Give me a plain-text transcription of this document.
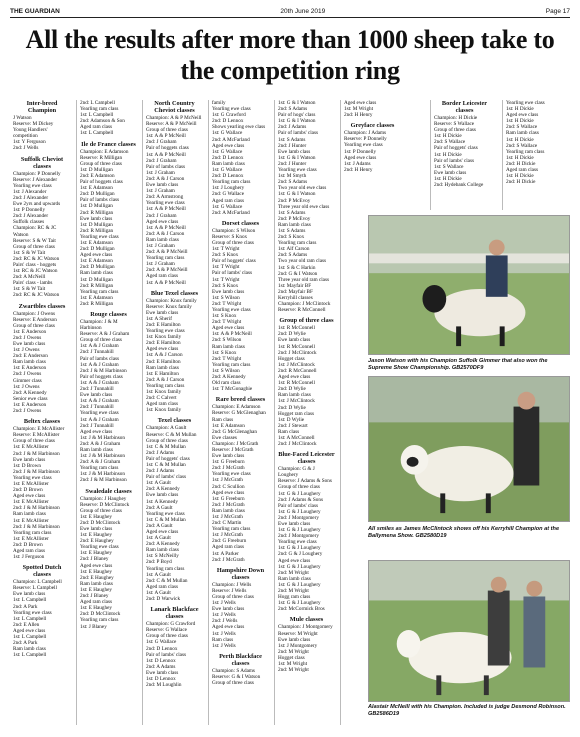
THE GUARDIAN	20th June 2019	Page 17
All the results after more than 1000 sheep take to the competition ring
Inter-breed Champion

J Watson

Reserve: M Dickey

Young Handlers' competition

1st: Y Ferguson

2nd: J Wells

Suffolk Cheviot classes

Champion: P Donnelly

Reserve: J Alexander

Yearling ewe class

1st: J Alexander

2nd: J Alexander

Ewe 2yrs and upwards

1st: P Donnelly

2nd: J Alexander

Suffolk classes

Champion: RC & JC Watson

Reserve: S & W Tait

Group of three class

1st: S & W Tait

2nd: RC & JC Watson

Pairs' class - hoggets

1st: RC & JC Watson

2nd: A McNeill

Pairs' class - lambs

1st: S & W Tait

2nd: RC & JC Watson

Zwartbles classes

Champion: J Owens

Reserve: E Anderson

Group of three class

1st: E Anderson

2nd: J Owens

Ewe lamb class

1st: J Owens

2nd: E Anderson

Ram lamb class

1st: E Anderson

2nd: J Owens

Gimmer class

1st: J Owens

2nd: A Kennedy

Senior ewe class

1st: E Anderson

2nd: J Owens

Beltex classes

Champion: E McAllister

Reserve: E McAllister

Group of three class

1st: E McAllister

2nd: J & M Harbinson

Ewe lamb class

1st: D Brown

2nd: J & M Harbinson

Yearling ewe class

1st: E McAllister

2nd: D Brown

Aged ewe class

1st: E McAllister

2nd: J & M Harbinson

Ram lamb class

1st: E McAllister

2nd: J & M Harbinson

Yearling ram class

1st: E McAllister

2nd: D Brown

Aged ram class

1st: J Ferguson

Spotted Dutch classes

Champion: L Campbell

Reserve: L Campbell

Ewe lamb class

1st: L Campbell

2nd: A Park

Yearling ewe class

1st: L Campbell

2nd: E Allen

Aged ewe class

1st: L Campbell

2nd: A Park

Ram lamb class

1st: L Campbell

2nd: L Campbell

Yearling ram class

1st: L Campbell

2nd: Adamson & Son

Aged ram class

1st: L Campbell

Ile de France classes

Champion: E Adamson

Reserve: R Milligan

Group of three class

1st: D Mulligan

2nd: E Adamson

Pair of hoggets class

1st: E Adamson

2nd: D Mulligan

Pair of lambs class

1st: D Mulligan

2nd: R Milligan

Ewe lamb class

1st: D Mulligan

2nd: R Milligan

Yearling ewe class

1st: E Adamson

2nd: D Mulligan

Aged ewe class

1st: E Adamson

2nd: D Mulligan

Ram lamb class

1st: D Mulligan

2nd: R Milligan

Yearling ram class

1st: E Adamson

2nd: R Milligan

Rouge classes

Champion: J & M Harbinson

Reserve: A & J Graham

Group of three class

1st: A & J Graham

2nd: J Tunnahill

Pair of lambs class

1st: A & J Graham

2nd: J & M Harbinson

Pair of hoggets class

1st: A & J Graham

2nd: J Tunnahill

Ewe lamb class

1st: A & J Graham

2nd: J Tunnahill

Yearling ewe class

1st: A & J Graham

2nd: J Tunnahill

Aged ewe class

1st: J & M Harbinson

2nd: A & J Graham

Ram lamb class

1st: J & M Harbinson

2nd: A & J Graham

Yearling ram class

1st: J & M Harbinson

2nd: J & M Harbinson

Swaledale classes

Champion: J Haughey

Reserve: D McClintock

Group of three class

1st: E Haughey

2nd: D McClintock

Ewe lamb class

1st: E Haughey

2nd: E Haughey

Yearling ewe class

1st: E Haughey

2nd: J Blaney

Aged ewe class

1st: E Haughey

2nd: E Haughey

Ram lamb class

1st: E Haughey

2nd: J Blaney

Aged ram class

1st: E Haughey

2nd: D McClintock

Yearling ram class

1st: J Blaney

North Country Cheviot classes

Champion: A & P McNeill

Reserve: A & P McNeill

Group of three class

1st: A & P McNeill

2nd: J Graham

Pair of hoggets class

1st: A & P McNeill

2nd: J Graham

Pair of lambs class

1st: J Graham

2nd: A & J Carson

Ewe lamb class

1st: J Graham

2nd: A Armstrong

Yearling ewe class

1st: A & P McNeill

2nd: J Graham

Aged ewe class

1st: A & P McNeill

2nd: A & J Carson

Ram lamb class

1st: J Graham

2nd: A & P McNeill

Yearling ram class

1st: J Graham

2nd: A & P McNeill

Aged ram class

1st: A & P McNeill

Blue Texel classes

Champion: Knox family

Reserve: Knox family

Ewe lamb class

1st: A Sherif

2nd: E Hamilton

Yearling ewe class

1st: Knox family

2nd: E Hamilton

Aged ewe class

1st: A & J Carson

2nd: E Hamilton

Ram lamb class

1st: E Hamilton

2nd: A & J Carson

Yearling ram class

1st: Knox family

2nd: C Calvert

Aged ram class

1st: Knox family

Texel classes

Champion: A Gault

Reserve: C & M Mullan

Group of three class

1st: C & M Mullan

2nd: J Adams

Pair of hoggets' class

1st: C & M Mullan

2nd: J Adams

Pair of lambs' class

1st: A Gault

2nd: A Kennedy

Ewe lamb class

1st: A Kennedy

2nd: A Gault

Yearling ewe class

1st: C & M Mullan

2nd: A Gault

Aged ewe class

1st: A Gault

2nd: A Kennedy

Ram lamb class

1st: S McNeilly

2nd: P Boyd

Yearling ram class

1st: A Gault

2nd: C & M Mullan

Aged ram class

1st: A Gault

2nd: D Warwick

Lanark Blackface classes

Champion: G Crawford

Reserve: G Wallace

Group of three class

1st: G Wallace

2nd: D Lennox

Pair of lambs' class

1st: D Lennox

2nd: A Adams

Ewe lamb class

1st: D Lennox

2nd: M Loughlin

family

Yearling ewe class

1st: G Crawford

2nd: D Lennox

Shows yearling ewe class

1st: G Wallace

2nd: A McFarland

Aged ewe class

1st: G Wallace

2nd: D Lennox

Ram lamb class

1st: G Wallace

2nd: D Lennox

Yearling ram class

1st: J Loughery

2nd: G Wallace

Aged ram class

1st: G Wallace

2nd: A McFarland

Dorset classes

Champion: S Wilson

Reserve: S Knox

Group of three class

1st: T Wright

2nd: S Knox

Pair of hoggets' class

1st: T Wright

Pair of lambs' class

1st: T Wright

2nd: S Knox

Ewe lamb class

1st: S Wilson

2nd: T Wright

Yearling ewe class

1st: S Knox

2nd: T Wright

Aged ewe class

1st: A & P McNeill

2nd: S Wilson

Ram lamb class

1st: S Knox

2nd: T Wright

Yearling ram class

1st: S Wilson

2nd: A Kennedy

Old ram class

1st: T McGonaghie

Rare breed classes

Champion: E Adamson

Reserve: G McGlenaghan

Ram class

1st: E Adamson

2nd: G McGlenaghan

Ewe classes

Champion: J McGrath

Reserve: J McGrath

Ewe lamb class

1st: G Freeburn

2nd: J McGrath

Yearling ewe class

1st: J McGrath

2nd: C Scullion

Aged ewe class

1st: G Freeburn

2nd: J McGrath

Ram lamb class

1st: J McGrath

2nd: C Martin

Yearling ram class

1st: J McGrath

2nd: G Freeburn

Aged ram class

1st: A Parker

2nd: J McGrath

Hampshire Down classes

Champion: J Wells

Reserve: J Wells

Group of three class

1st: J Wells

Ewe lamb class

1st: J Wells

2nd: J Wells

Aged ewe class

1st: J Wells

Ram class

1st: J Wells

Perth Blackface classes

Champion: S Adams

Reserve: G & I Watson

Group of three class

1st: G & I Watson

2nd: S Adams

Pair of hogs' class

1st: G & I Watson

2nd: J Adams

Pair of lambs' class

1st: S Adams

2nd: J Hunter

Ewe lamb class

1st: G & I Watson

2nd: J Hunter

Yearling ewe class

1st: M Smyth

2nd: S Adams

Two year old ewe class

1st: G & I Watson

2nd: P McEvoy

Three year old ewe class

1st: S Adams

2nd: P McEvoy

Ram lamb class

1st: S Adams

2nd: S Knox

Yearling ram class

1st: Alf Carson

2nd: S Adams

Two year old ram class

1st: S & C Harkin

2nd: G & I Watson

Three year old ram class

1st: Mayfair BF

2nd: Mayfair BF

Kerryhill classes

Champion: J McClintock

Reserve: R McConnell

Group of three class

1st: R McConnell

2nd: D Wylie

Ewe lamb class

1st: R McConnell

2nd: J McClintock

Hogget class

1st: J McClintock

2nd: R McConnell

Aged ewe class

1st: R McConnell

2nd: D Wylie

Ram lamb class

1st: J McClintock

2nd: D Wylie

Hogget ram class

1st: D Wylie

2nd: J Stewart

Ram class

1st: A McConnell

2nd: J McClintock

Blue-Faced Leicester classes

Champion: G & J Loughery

Reserve: J Adams & Sons

Group of three class

1st: G & J Loughery

2nd: J Adams & Sons

Pair of lambs' class

1st: G & J Loughery

2nd: J Montgomery

Ewe lamb class

1st: G & J Loughery

2nd: J Montgomery

Yearling ewe class

1st: G & J Loughery

2nd: G & J Loughery

Aged ewe class

1st: G & J Loughery

2nd: M Wright

Ram lamb class

1st: G & J Loughery

2nd: M Wright

Hogg ram class

1st: G & J Loughery

2nd: McCormick Bros

Mule classes

Champion: J Montgomery

Reserve: M Wright

Ewe lamb class

1st: J Montgomery

2nd: M Wright

Hogget class

1st: M Wright

2nd: M Wright

Aged ewe class

1st: M Wright

2nd: H Henry

Greyface classes

Champion: J Adams

Reserve: P Donnelly

Yearling ewe class

1st: P Donnelly

Aged ewe class

1st: J Adams

2nd: H Henry

Border Leicester classes

Champion: H Dickie

Reserve: S Wallace

Group of three class

1st: H Dickie

2nd: S Wallace

Pair of hoggets' class

1st: H Dickie

Pair of lambs' class

1st: S Wallace

Ewe lamb class

1st: H Dickie

2nd: Hydebank College

Yearling ewe class

1st: H Dickie

Aged ewe class

1st: H Dickie

2nd: S Wallace

Ram lamb class

1st: H Dickie

2nd: S Wallace

Yearling ram class

1st: H Dickie

2nd: H Dickie

Aged ram class

1st: H Dickie

2nd: H Dickie

Jason Watson with his Champion Suffolk Gimmer that also won the Supreme Show Championship. GB2570DF9
All smiles as James McClintock shows off his Kerryhill Champion at the Ballymena Show. GB2580D19
Alastair McNeill with his Champion. Included is judge Desmond Robinson. GB2586D19
